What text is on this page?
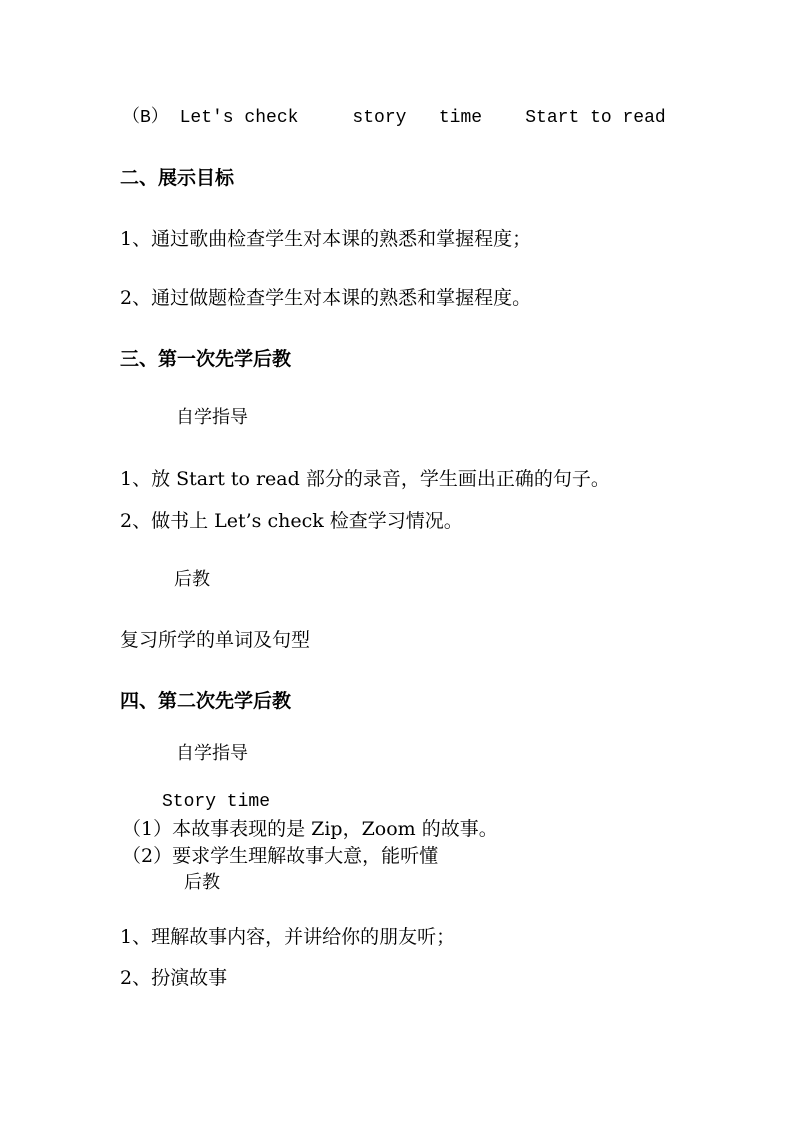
（B） Let's check     story   time    Start to read
二、展示目标
1、通过歌曲检查学生对本课的熟悉和掌握程度；
2、通过做题检查学生对本课的熟悉和掌握程度。
三、第一次先学后教
自学指导
1、放 Start to read 部分的录音，学生画出正确的句子。
2、做书上 Let’s check 检查学习情况。
后教
复习所学的单词及句型
四、第二次先学后教
自学指导
Story time
（1）本故事表现的是 Zip，Zoom 的故事。
（2）要求学生理解故事大意，能听懂
后教
1、理解故事内容，并讲给你的朋友听；
2、扮演故事
